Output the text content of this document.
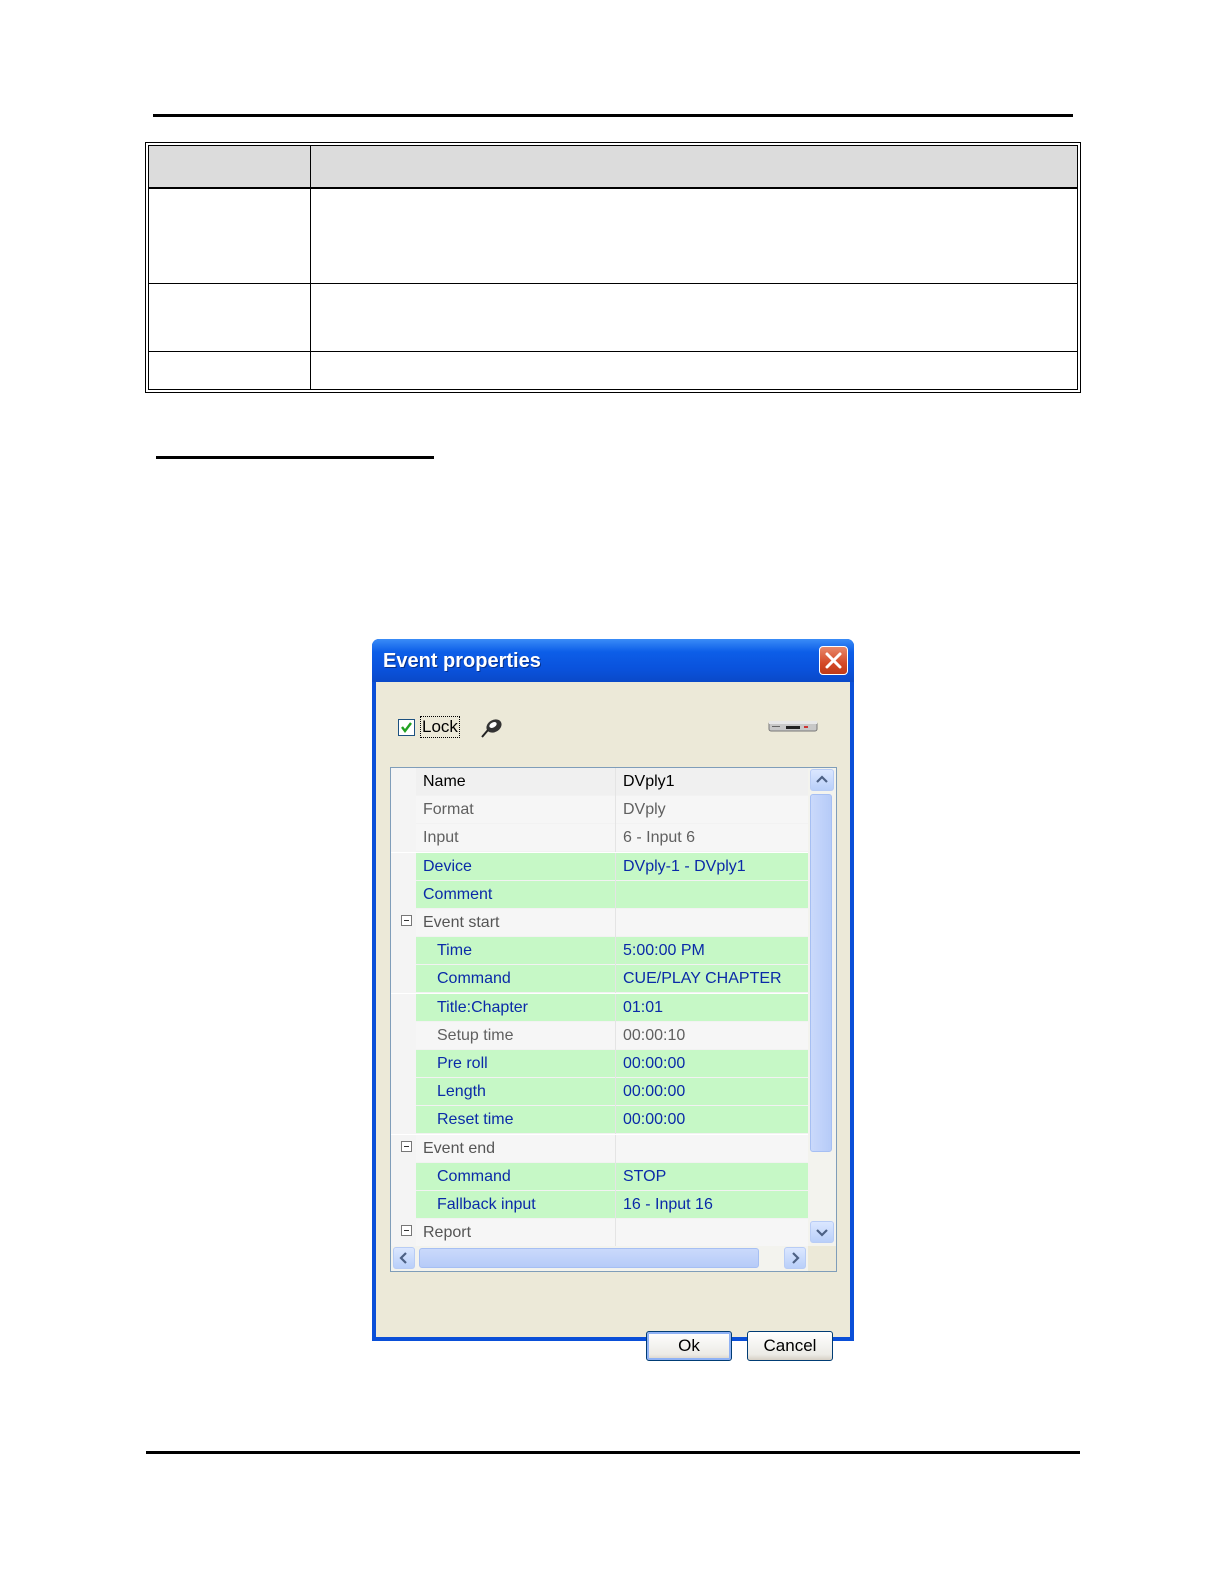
Event properties
Lock
Name	DVply1
Format	DVply
Input	6 - Input 6
Device	DVply-1 - DVply1
Comment
Event start
Time	5:00:00 PM
Command	CUE/PLAY CHAPTER
Title:Chapter	01:01
Setup time	00:00:10
Pre roll	00:00:00
Length	00:00:00
Reset time	00:00:00
Event end
Command	STOP
Fallback input	16 - Input 16
Report
Ok	Cancel
